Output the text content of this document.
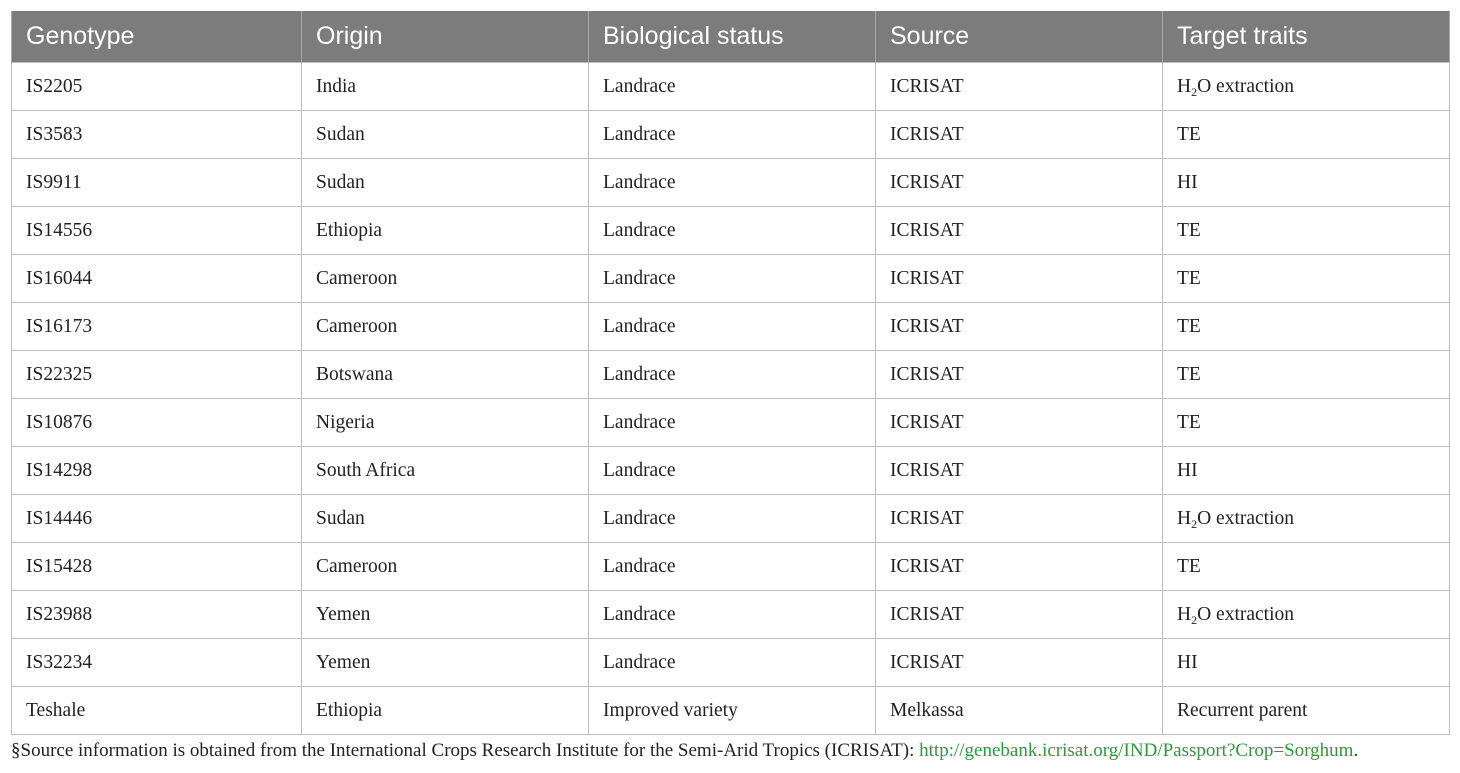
Genotype	Origin	Biological status	Source	Target traits
IS2205	India	Landrace	ICRISAT	$H_2O$ extraction
IS3583	Sudan	Landrace	ICRISAT	TE
IS9911	Sudan	Landrace	ICRISAT	HI
IS14556	Ethiopia	Landrace	ICRISAT	TE
IS16044	Cameroon	Landrace	ICRISAT	TE
IS16173	Cameroon	Landrace	ICRISAT	TE
IS22325	Botswana	Landrace	ICRISAT	TE
IS10876	Nigeria	Landrace	ICRISAT	TE
IS14298	South Africa	Landrace	ICRISAT	HI
IS14446	Sudan	Landrace	ICRISAT	$H_2O$ extraction
IS15428	Cameroon	Landrace	ICRISAT	TE
IS23988	Yemen	Landrace	ICRISAT	$H_2O$ extraction
IS32234	Yemen	Landrace	ICRISAT	HI
Teshale	Ethiopia	Improved variety	Melkassa	Recurrent parent
§Source information is obtained from the International Crops Research Institute for the Semi-Arid Tropics (ICRISAT): http://genebank.icrisat.org/IND/Passport?Crop=Sorghum.
